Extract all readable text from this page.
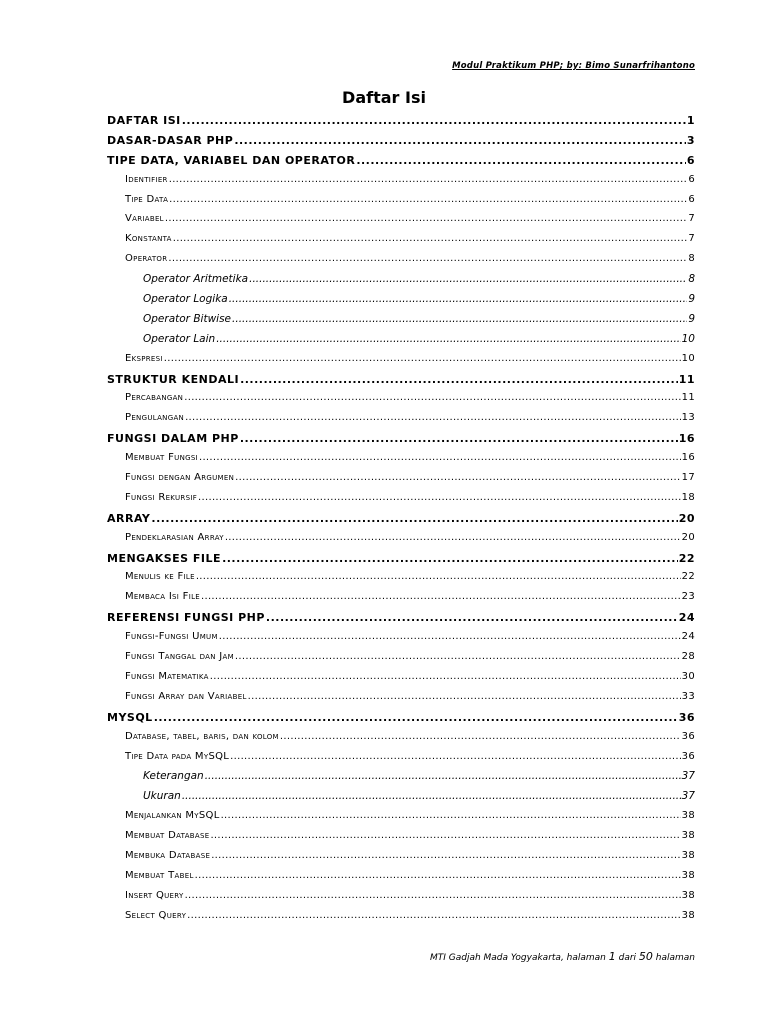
Modul Praktikum PHP; by: Bimo Sunarfrihantono
Daftar Isi
DAFTAR ISI .....	1
DASAR-DASAR PHP .....	3
TIPE DATA, VARIABEL DAN OPERATOR .....	6
Identifier .....	6
Tipe Data .....	6
Variabel .....	7
Konstanta .....	7
Operator .....	8
Operator Aritmetika .....	8
Operator Logika .....	9
Operator Bitwise .....	9
Operator Lain .....	10
Ekspresi .....	10
STRUKTUR KENDALI .....	11
Percabangan .....	11
Pengulangan .....	13
FUNGSI DALAM PHP .....	16
Membuat Fungsi .....	16
Fungsi dengan Argumen .....	17
Fungsi Rekursif .....	18
ARRAY .....	20
Pendeklarasian Array .....	20
MENGAKSES FILE .....	22
Menulis ke File .....	22
Membaca Isi File .....	23
REFERENSI FUNGSI PHP .....	24
Fungsi-Fungsi Umum .....	24
Fungsi Tanggal dan Jam .....	28
Fungsi Matematika .....	30
Fungsi Array dan Variabel .....	33
MYSQL .....	36
Database, tabel, baris, dan kolom .....	36
Tipe Data pada MySQL .....	36
Keterangan .....	37
Ukuran .....	37
Menjalankan MySQL .....	38
Membuat Database .....	38
Membuka Database .....	38
Membuat Tabel .....	38
Insert Query .....	38
Select Query .....	38
MTI Gadjah Mada Yogyakarta, halaman 1 dari 50 halaman
